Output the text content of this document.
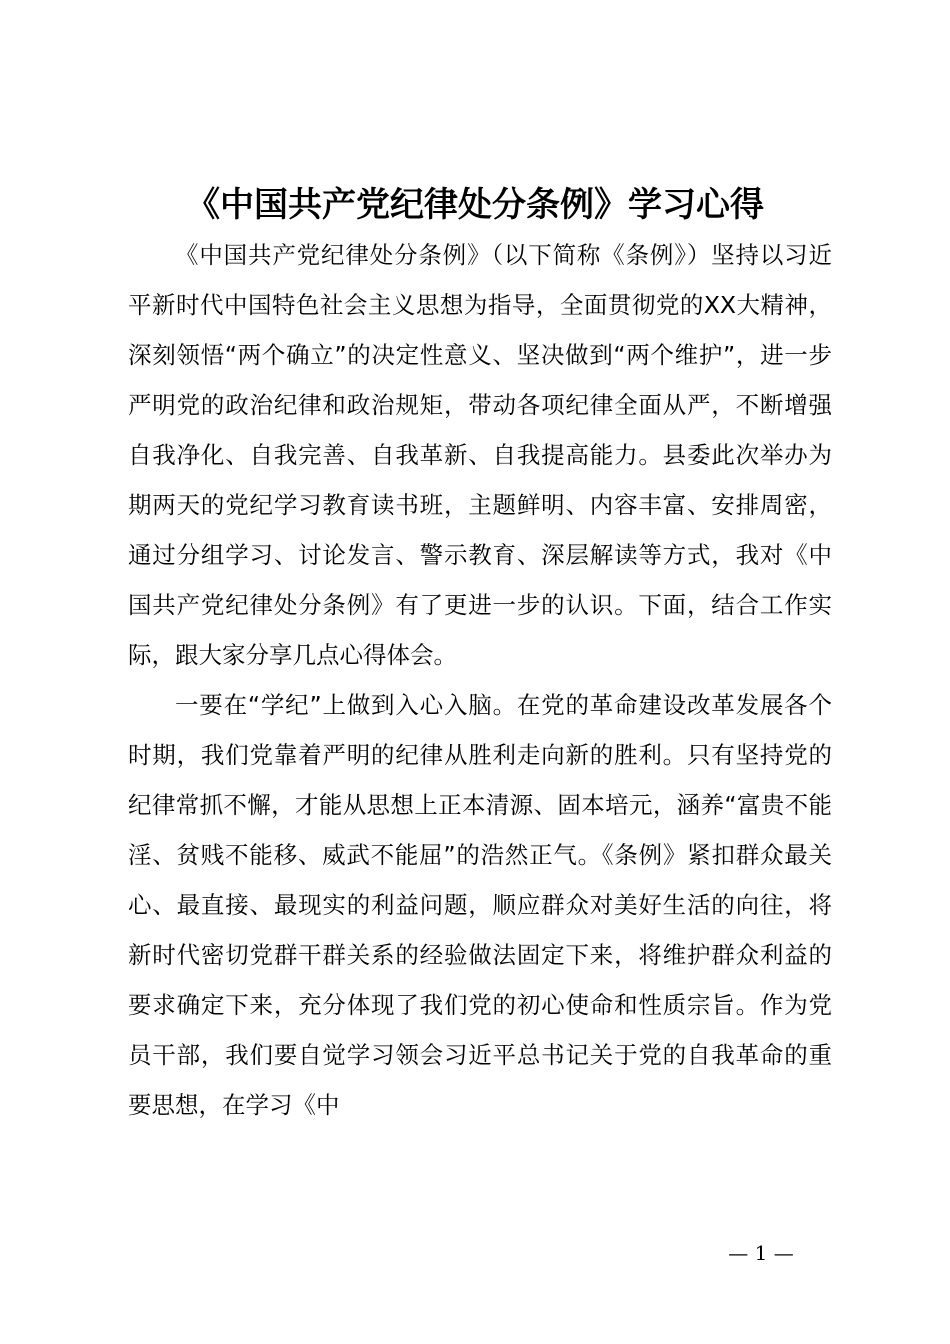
《中国共产党纪律处分条例》学习心得

《中国共产党纪律处分条例》（以下简称《条例》）坚持以习近平新时代中国特色社会主义思想为指导，全面贯彻党的XX大精神，深刻领悟“两个确立”的决定性意义、坚决做到“两个维护”，进一步严明党的政治纪律和政治规矩，带动各项纪律全面从严，不断增强自我净化、自我完善、自我革新、自我提高能力。县委此次举办为期两天的党纪学习教育读书班，主题鲜明、内容丰富、安排周密，通过分组学习、讨论发言、警示教育、深层解读等方式，我对《中国共产党纪律处分条例》有了更进一步的认识。下面，结合工作实际，跟大家分享几点心得体会。

一要在“学纪”上做到入心入脑。在党的革命建设改革发展各个时期，我们党靠着严明的纪律从胜利走向新的胜利。只有坚持党的纪律常抓不懈，才能从思想上正本清源、固本培元，涵养“富贵不能淫、贫贱不能移、威武不能屈”的浩然正气。《条例》紧扣群众最关心、最直接、最现实的利益问题，顺应群众对美好生活的向往，将新时代密切党群干群关系的经验做法固定下来，将维护群众利益的要求确定下来，充分体现了我们党的初心使命和性质宗旨。作为党员干部，我们要自觉学习领会习近平总书记关于党的自我革命的重要思想，在学习《中

— 1 —
